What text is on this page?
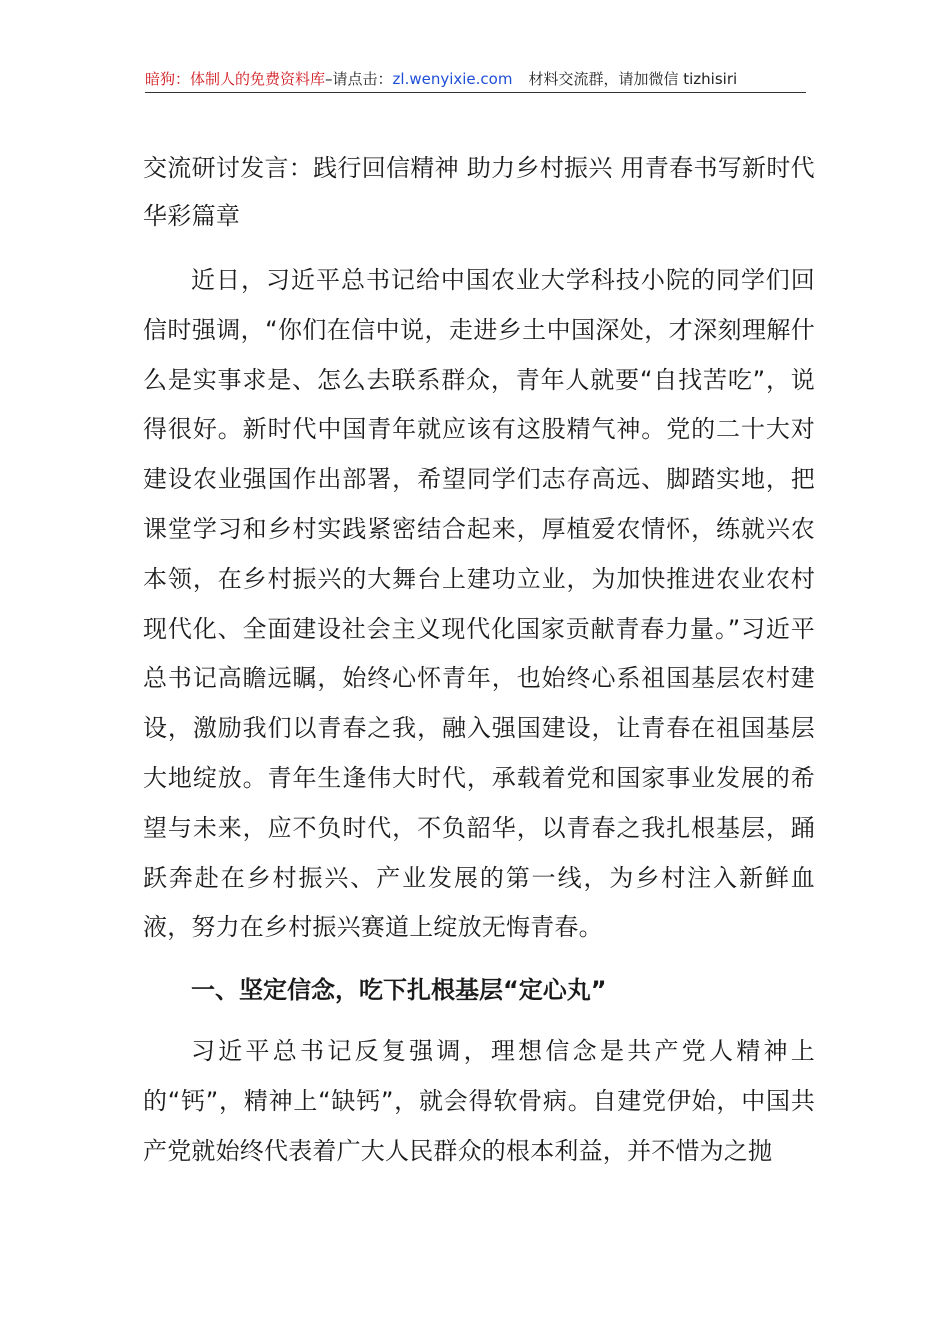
暗狗：体制人的免费资料库–请点击：zl.wenyixie.com 材料交流群，请加微信 tizhisiri
交流研讨发言：践行回信精神 助力乡村振兴 用青春书写新时代华彩篇章

近日，习近平总书记给中国农业大学科技小院的同学们回信时强调，“你们在信中说，走进乡土中国深处，才深刻理解什么是实事求是、怎么去联系群众，青年人就要“自找苦吃”，说得很好。新时代中国青年就应该有这股精气神。党的二十大对建设农业强国作出部署，希望同学们志存高远、脚踏实地，把课堂学习和乡村实践紧密结合起来，厚植爱农情怀，练就兴农本领，在乡村振兴的大舞台上建功立业，为加快推进农业农村现代化、全面建设社会主义现代化国家贡献青春力量。”习近平总书记高瞻远瞩，始终心怀青年，也始终心系祖国基层农村建设，激励我们以青春之我，融入强国建设，让青春在祖国基层大地绽放。青年生逢伟大时代，承载着党和国家事业发展的希望与未来，应不负时代，不负韶华，以青春之我扎根基层，踊跃奔赴在乡村振兴、产业发展的第一线，为乡村注入新鲜血液，努力在乡村振兴赛道上绽放无悔青春。

一、坚定信念，吃下扎根基层“定心丸”

习近平总书记反复强调，理想信念是共产党人精神上的“钙”，精神上“缺钙”，就会得软骨病。自建党伊始，中国共产党就始终代表着广大人民群众的根本利益，并不惜为之抛
